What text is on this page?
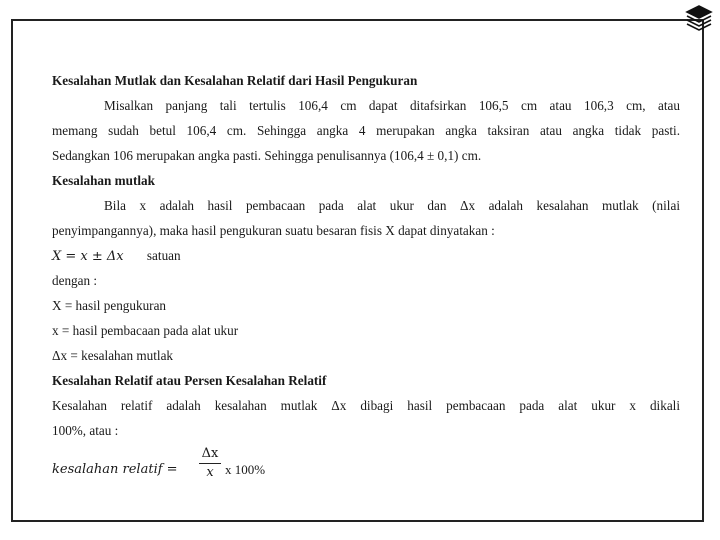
Kesalahan Mutlak dan Kesalahan Relatif dari Hasil Pengukuran
Misalkan panjang tali tertulis 106,4 cm dapat ditafsirkan 106,5 cm atau 106,3 cm, atau
memang sudah betul 106,4 cm. Sehingga angka 4 merupakan angka taksiran atau angka tidak pasti.
Sedangkan 106 merupakan angka pasti. Sehingga penulisannya (106,4 ± 0,1) cm.
Kesalahan mutlak
Bila x adalah hasil pembacaan pada alat ukur dan Δx adalah kesalahan mutlak (nilai
penyimpangannya), maka hasil pengukuran suatu besaran fisis X dapat dinyatakan :
X = x ± Δx satuan
dengan :
X = hasil pengukuran
x = hasil pembacaan pada alat ukur
Δx = kesalahan mutlak
Kesalahan Relatif atau Persen Kesalahan Relatif
Kesalahan relatif adalah kesalahan mutlak Δx dibagi hasil pembacaan pada alat ukur x dikali
100%, atau :
kesalahan relatif = $\frac{\Delta x}{x}$ x 100%
